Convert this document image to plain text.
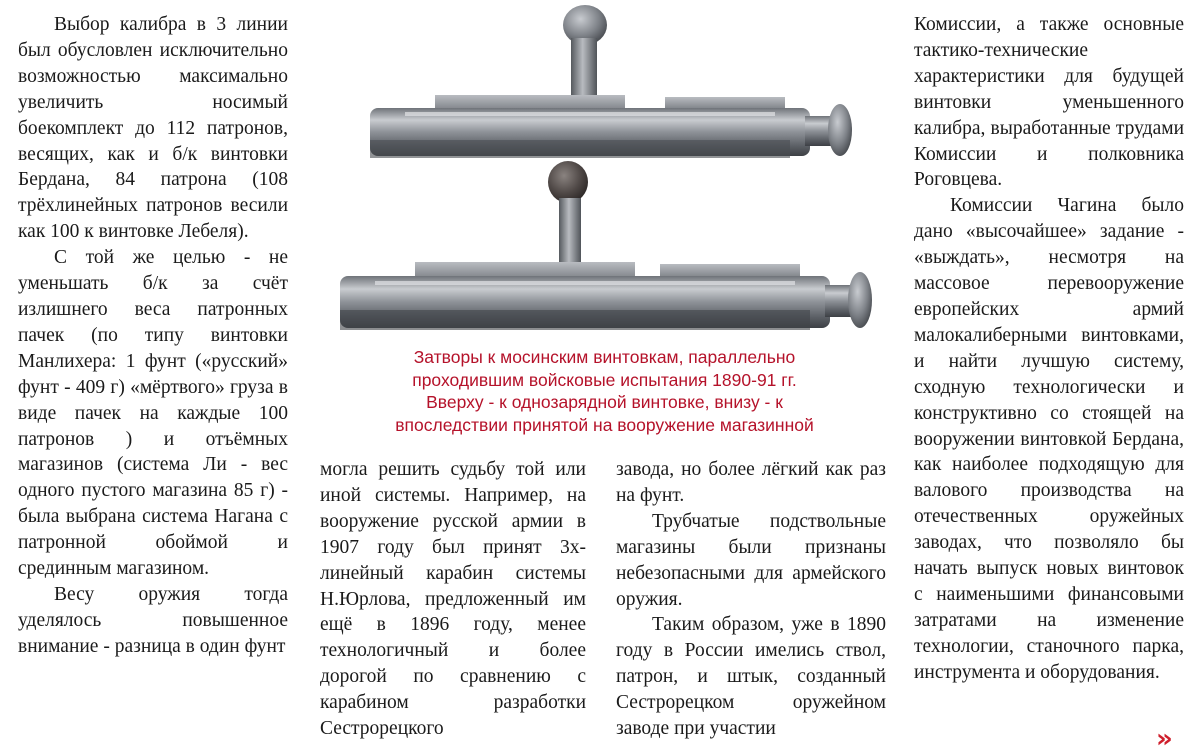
Выбор калибра в 3 линии был обусловлен исключительно возможностью максимально увеличить носимый боекомплект до 112 патронов, весящих, как и б/к винтовки Бердана, 84 патрона (108 трёхлинейных патронов весили как 100 к винтовке Лебеля).

С той же целью - не уменьшать б/к за счёт излишнего веса патронных пачек (по типу винтовки Манлихера: 1 фунт («русский» фунт - 409 г) «мёртвого» груза в виде пачек на каждые 100 патронов ) и отъёмных магазинов (система Ли - вес одного пустого магазина 85 г) - была выбрана система Нагана с патронной обоймой и срединным магазином.

Весу оружия тогда уделялось повышенное внимание - разница в один фунт

Затворы к мосинским винтовкам, параллельно
проходившим войсковые испытания 1890-91 гг.
Вверху - к однозарядной винтовке, внизу - к
впоследствии принятой на вооружение магазинной

могла решить судьбу той или иной системы. Например, на вооружение русской армии в 1907 году был принят 3х-линейный карабин системы Н.Юрлова, предложенный им ещё в 1896 году, менее технологичный и более дорогой по сравнению с карабином разработки Сестрорецкого

завода, но более лёгкий как раз на фунт.

Трубчатые подствольные магазины были признаны небезопасными для армейского оружия.

Таким образом, уже в 1890 году в России имелись ствол, патрон, и штык, созданный Сестрорецком оружейном заводе при участии

Комиссии, а также основные тактико-технические характеристики для будущей винтовки уменьшенного калибра, выработанные трудами Комиссии и полковника Роговцева.

Комиссии Чагина было дано «высочайшее» задание - «выждать», несмотря на массовое перевооружение европейских армий малокалиберными винтовками, и найти лучшую систему, сходную технологически и конструктивно со стоящей на вооружении винтовкой Бердана, как наиболее подходящую для валового производства на отечественных оружейных заводах, что позволяло бы начать выпуск новых винтовок с наименьшими финансовыми затратами на изменение технологии, станочного парка, инструмента и оборудования.

»
